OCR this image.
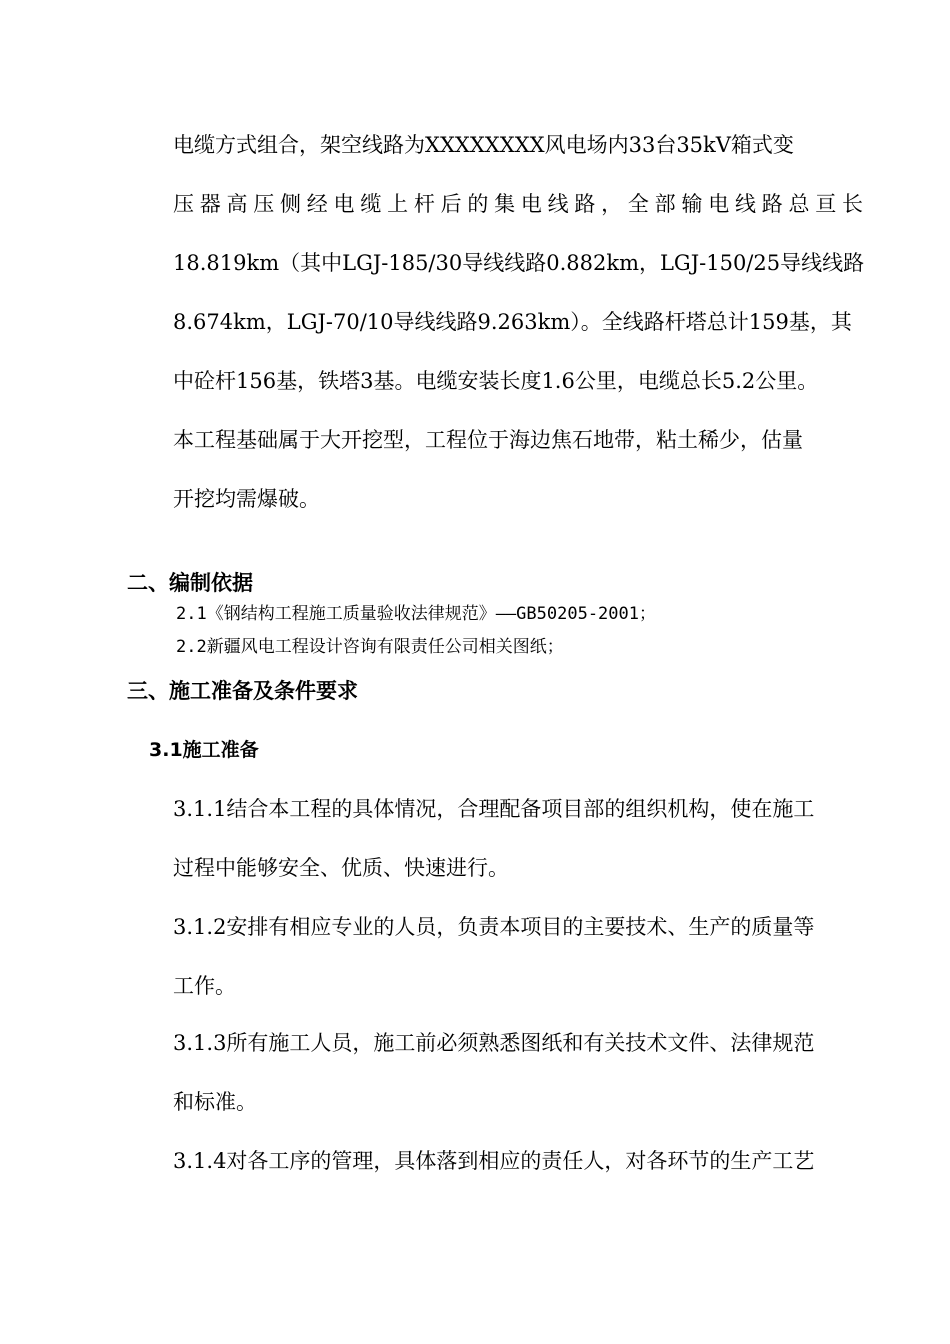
电缆方式组合，架空线路为XXXXXXXX风电场内33台35kV箱式变
压器高压侧经电缆上杆后的集电线路，全部输电线路总亘长
18.819km（其中LGJ-185/30导线线路0.882km，LGJ-150/25导线线路
8.674km，LGJ-70/10导线线路9.263km）。全线路杆塔总计159基，其
中砼杆156基，铁塔3基。电缆安装长度1.6公里，电缆总长5.2公里。
本工程基础属于大开挖型，工程位于海边焦石地带，粘土稀少，估量
开挖均需爆破。
二、编制依据
2.1《钢结构工程施工质量验收法律规范》——GB50205-2001；
2.2新疆风电工程设计咨询有限责任公司相关图纸；
三、施工准备及条件要求
3.1施工准备
3.1.1结合本工程的具体情况，合理配备项目部的组织机构，使在施工
过程中能够安全、优质、快速进行。
3.1.2安排有相应专业的人员，负责本项目的主要技术、生产的质量等
工作。
3.1.3所有施工人员，施工前必须熟悉图纸和有关技术文件、法律规范
和标准。
3.1.4对各工序的管理，具体落到相应的责任人，对各环节的生产工艺
